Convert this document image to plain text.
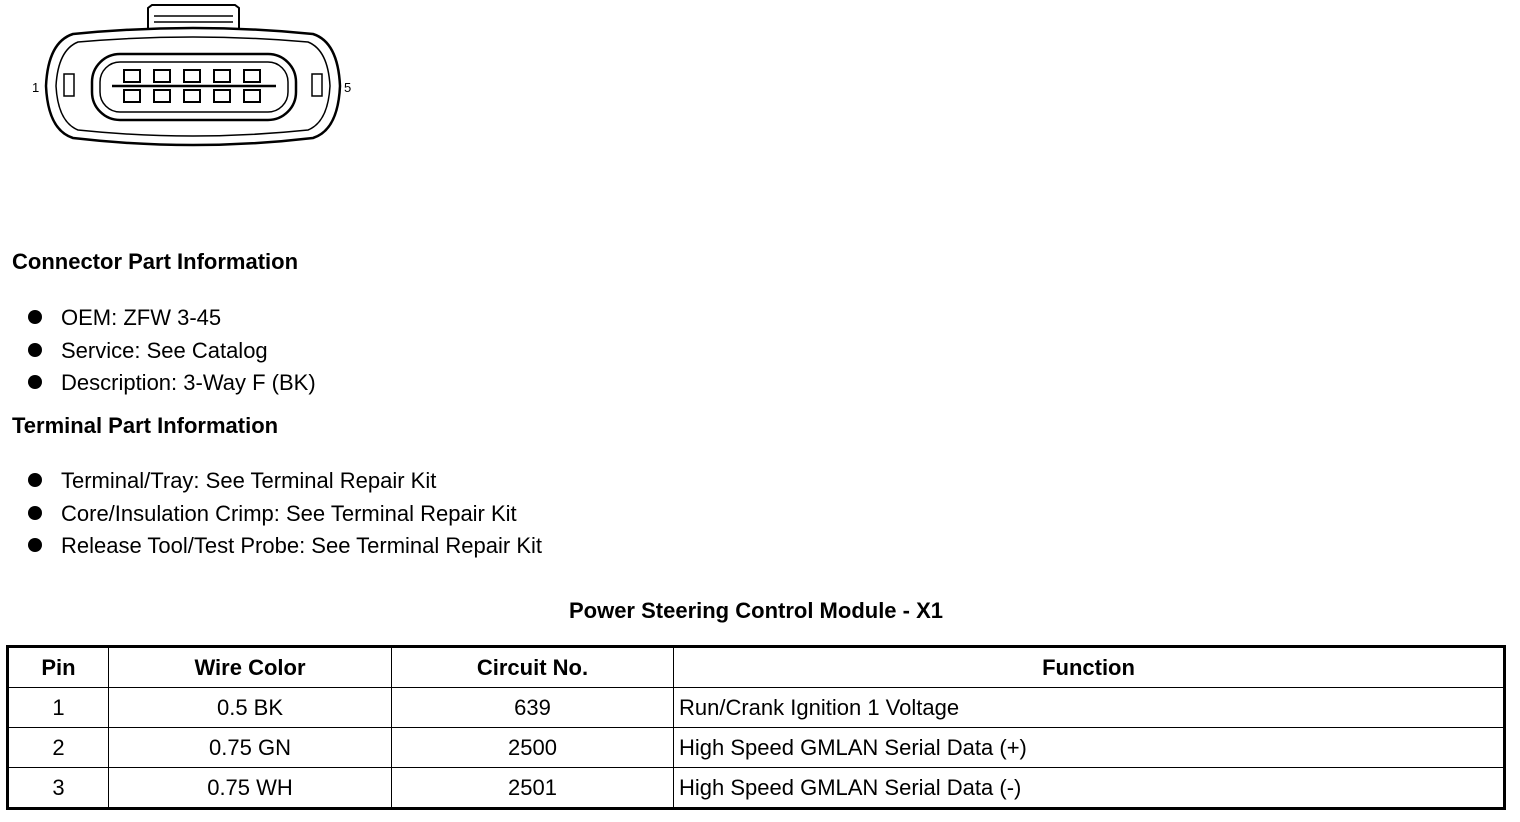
1	5
Connector Part Information
OEM: ZFW 3-45
Service: See Catalog
Description: 3-Way F (BK)
Terminal Part Information
Terminal/Tray: See Terminal Repair Kit
Core/Insulation Crimp: See Terminal Repair Kit
Release Tool/Test Probe: See Terminal Repair Kit
Power Steering Control Module - X1
Pin	Wire Color	Circuit No.	Function
1	0.5 BK	639	Run/Crank Ignition 1 Voltage
2	0.75 GN	2500	High Speed GMLAN Serial Data (+)
3	0.75 WH	2501	High Speed GMLAN Serial Data (-)
